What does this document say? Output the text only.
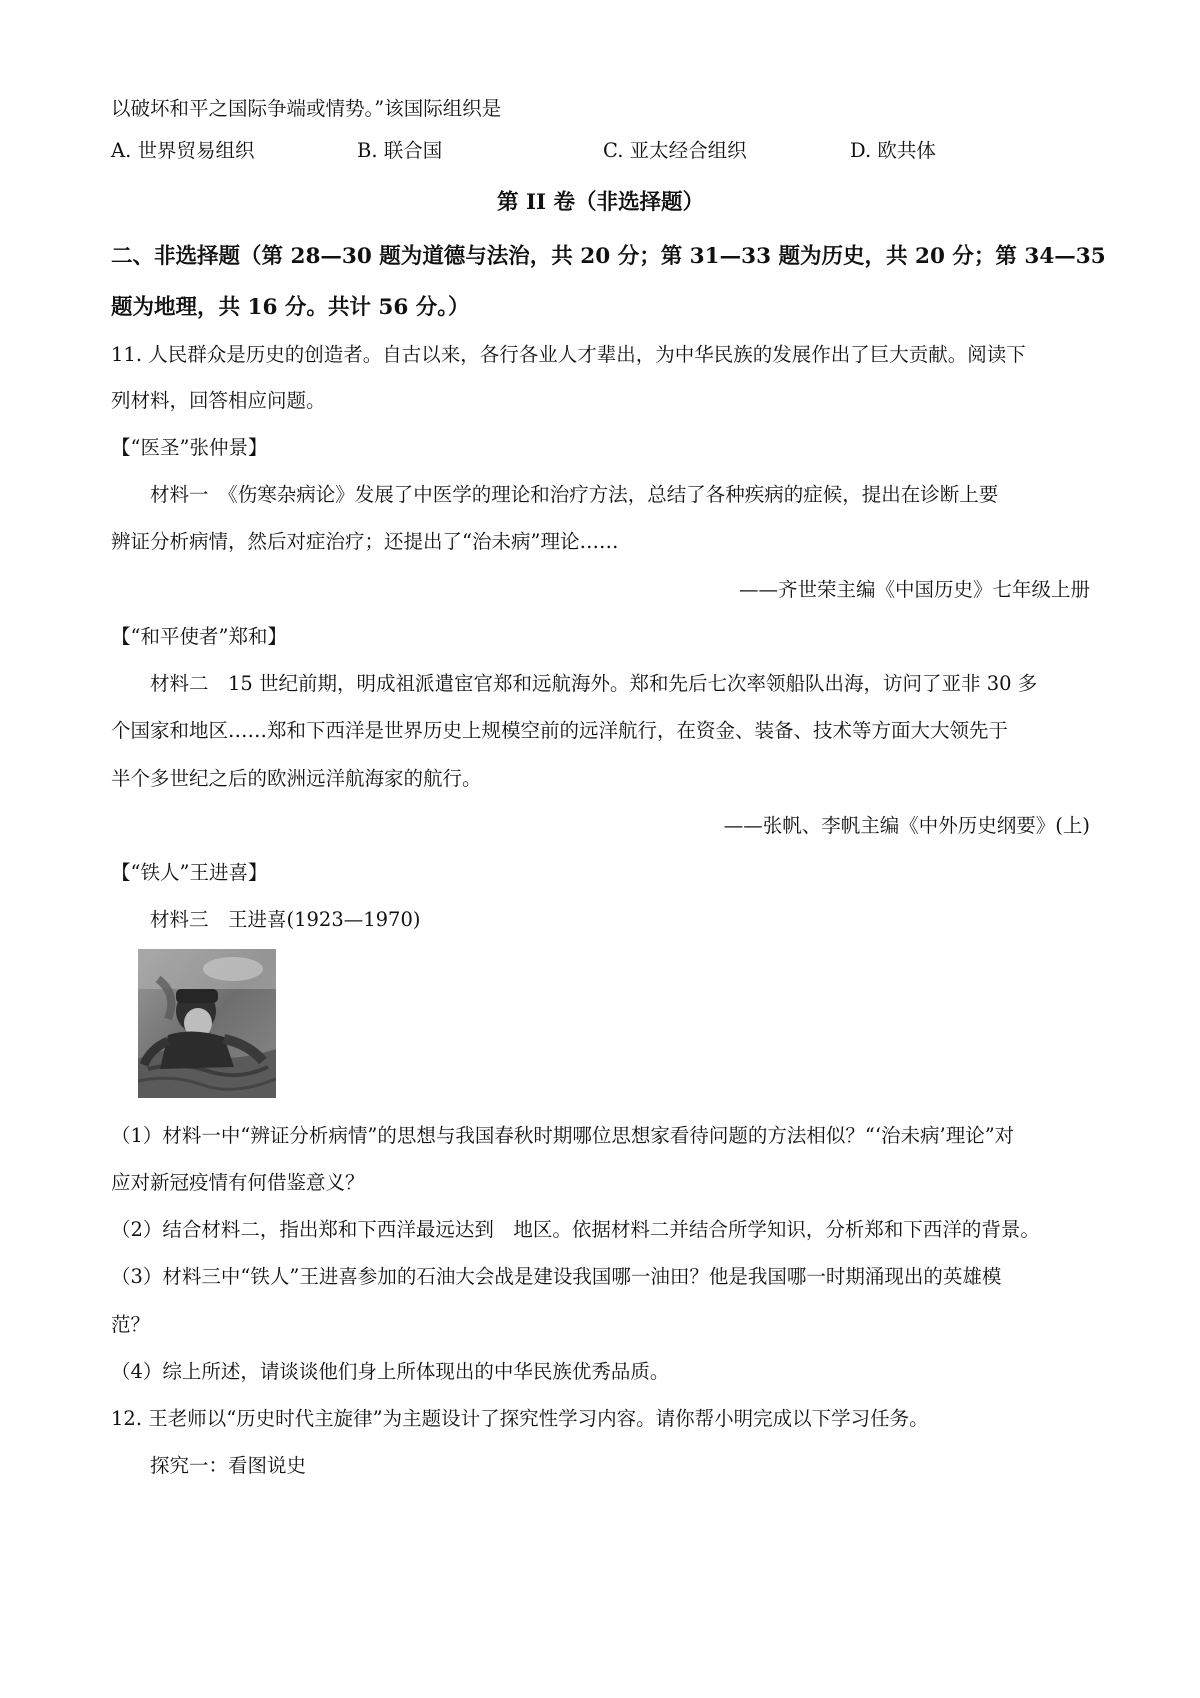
以破坏和平之国际争端或情势。”该国际组织是
A. 世界贸易组织	B. 联合国	C. 亚太经合组织	D. 欧共体
第 II 卷（非选择题）
二、非选择题（第 28—30 题为道德与法治，共 20 分；第 31—33 题为历史，共 20 分；第 34—35
题为地理，共 16 分。共计 56 分。）
11. 人民群众是历史的创造者。自古以来，各行各业人才辈出，为中华民族的发展作出了巨大贡献。阅读下
列材料，回答相应问题。
【“医圣”张仲景】
材料一　《伤寒杂病论》发展了中医学的理论和治疗方法，总结了各种疾病的症候，提出在诊断上要
辨证分析病情，然后对症治疗；还提出了“治未病”理论……
——齐世荣主编《中国历史》七年级上册
【“和平使者”郑和】
材料二　15 世纪前期，明成祖派遣宦官郑和远航海外。郑和先后七次率领船队出海，访问了亚非 30 多
个国家和地区……郑和下西洋是世界历史上规模空前的远洋航行，在资金、装备、技术等方面大大领先于
半个多世纪之后的欧洲远洋航海家的航行。
——张帆、李帆主编《中外历史纲要》(上)
【“铁人”王进喜】
材料三　王进喜(1923—1970)
（1）材料一中“辨证分析病情”的思想与我国春秋时期哪位思想家看待问题的方法相似？“‘治未病’理论”对
应对新冠疫情有何借鉴意义？
（2）结合材料二，指出郑和下西洋最远达到　地区。依据材料二并结合所学知识，分析郑和下西洋的背景。
（3）材料三中“铁人”王进喜参加的石油大会战是建设我国哪一油田？他是我国哪一时期涌现出的英雄模
范？
（4）综上所述，请谈谈他们身上所体现出的中华民族优秀品质。
12. 王老师以“历史时代主旋律”为主题设计了探究性学习内容。请你帮小明完成以下学习任务。
探究一：看图说史
